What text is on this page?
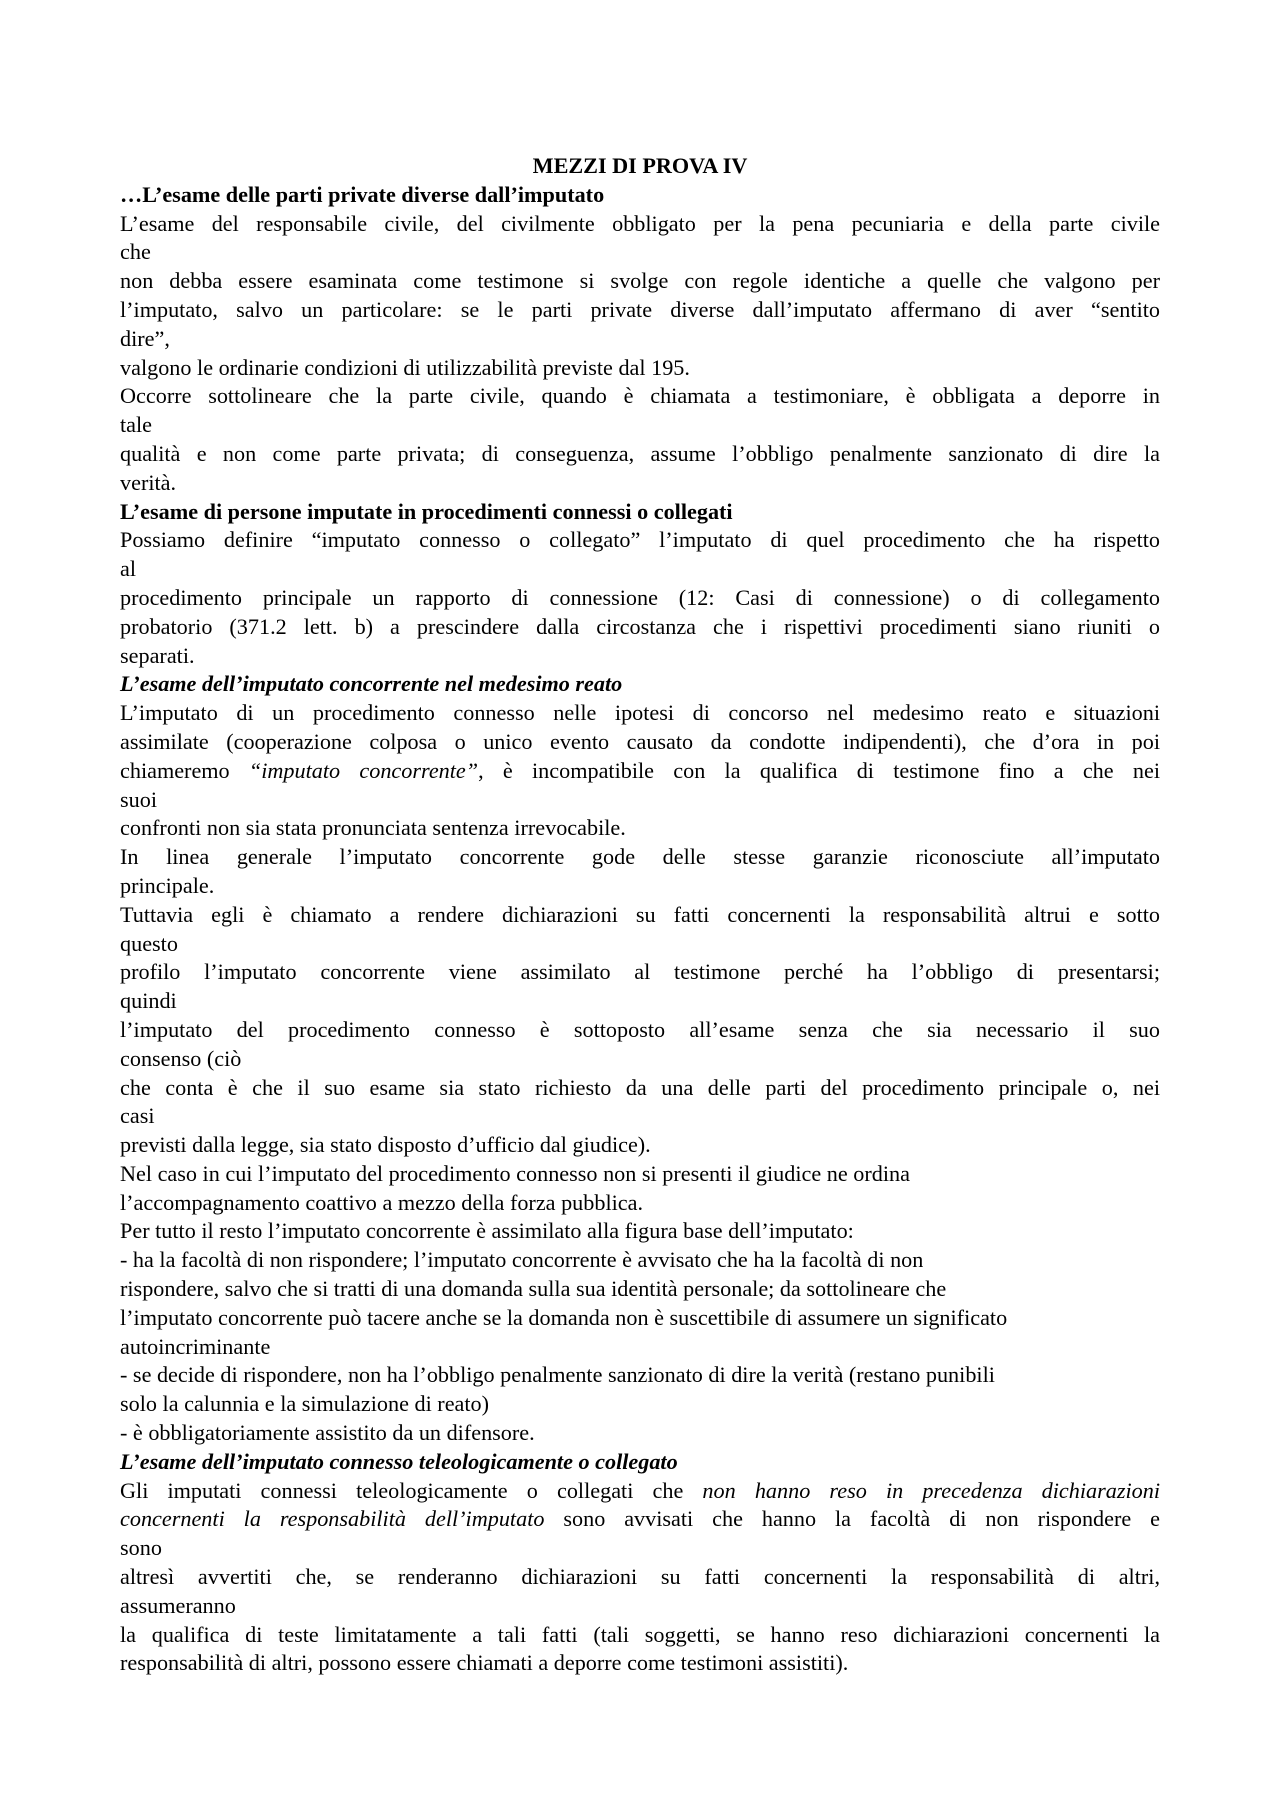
MEZZI DI PROVA IV
…L’esame delle parti private diverse dall’imputato
L’esame del responsabile civile, del civilmente obbligato per la pena pecuniaria e della parte civile
che
non debba essere esaminata come testimone si svolge con regole identiche a quelle che valgono per
l’imputato, salvo un particolare: se le parti private diverse dall’imputato affermano di aver “sentito
dire”,
valgono le ordinarie condizioni di utilizzabilità previste dal 195.
Occorre sottolineare che la parte civile, quando è chiamata a testimoniare, è obbligata a deporre in
tale
qualità e non come parte privata; di conseguenza, assume l’obbligo penalmente sanzionato di dire la
verità.
L’esame di persone imputate in procedimenti connessi o collegati
Possiamo definire “imputato connesso o collegato” l’imputato di quel procedimento che ha rispetto
al
procedimento principale un rapporto di connessione (12: Casi di connessione) o di collegamento
probatorio (371.2 lett. b) a prescindere dalla circostanza che i rispettivi procedimenti siano riuniti o
separati.
L’esame dell’imputato concorrente nel medesimo reato
L’imputato di un procedimento connesso nelle ipotesi di concorso nel medesimo reato e situazioni
assimilate (cooperazione colposa o unico evento causato da condotte indipendenti), che d’ora in poi
chiameremo “imputato concorrente”, è incompatibile con la qualifica di testimone fino a che nei
suoi
confronti non sia stata pronunciata sentenza irrevocabile.
In linea generale l’imputato concorrente gode delle stesse garanzie riconosciute all’imputato
principale.
Tuttavia egli è chiamato a rendere dichiarazioni su fatti concernenti la responsabilità altrui e sotto
questo
profilo l’imputato concorrente viene assimilato al testimone perché ha l’obbligo di presentarsi;
quindi
l’imputato del procedimento connesso è sottoposto all’esame senza che sia necessario il suo
consenso (ciò
che conta è che il suo esame sia stato richiesto da una delle parti del procedimento principale o, nei
casi
previsti dalla legge, sia stato disposto d’ufficio dal giudice).
Nel caso in cui l’imputato del procedimento connesso non si presenti il giudice ne ordina
l’accompagnamento coattivo a mezzo della forza pubblica.
Per tutto il resto l’imputato concorrente è assimilato alla figura base dell’imputato:
- ha la facoltà di non rispondere; l’imputato concorrente è avvisato che ha la facoltà di non
rispondere, salvo che si tratti di una domanda sulla sua identità personale; da sottolineare che
l’imputato concorrente può tacere anche se la domanda non è suscettibile di assumere un significato
autoincriminante
- se decide di rispondere, non ha l’obbligo penalmente sanzionato di dire la verità (restano punibili
solo la calunnia e la simulazione di reato)
- è obbligatoriamente assistito da un difensore.
L’esame dell’imputato connesso teleologicamente o collegato
Gli imputati connessi teleologicamente o collegati che non hanno reso in precedenza dichiarazioni
concernenti la responsabilità dell’imputato sono avvisati che hanno la facoltà di non rispondere e
sono
altresì avvertiti che, se renderanno dichiarazioni su fatti concernenti la responsabilità di altri,
assumeranno
la qualifica di teste limitatamente a tali fatti (tali soggetti, se hanno reso dichiarazioni concernenti la
responsabilità di altri, possono essere chiamati a deporre come testimoni assistiti).
